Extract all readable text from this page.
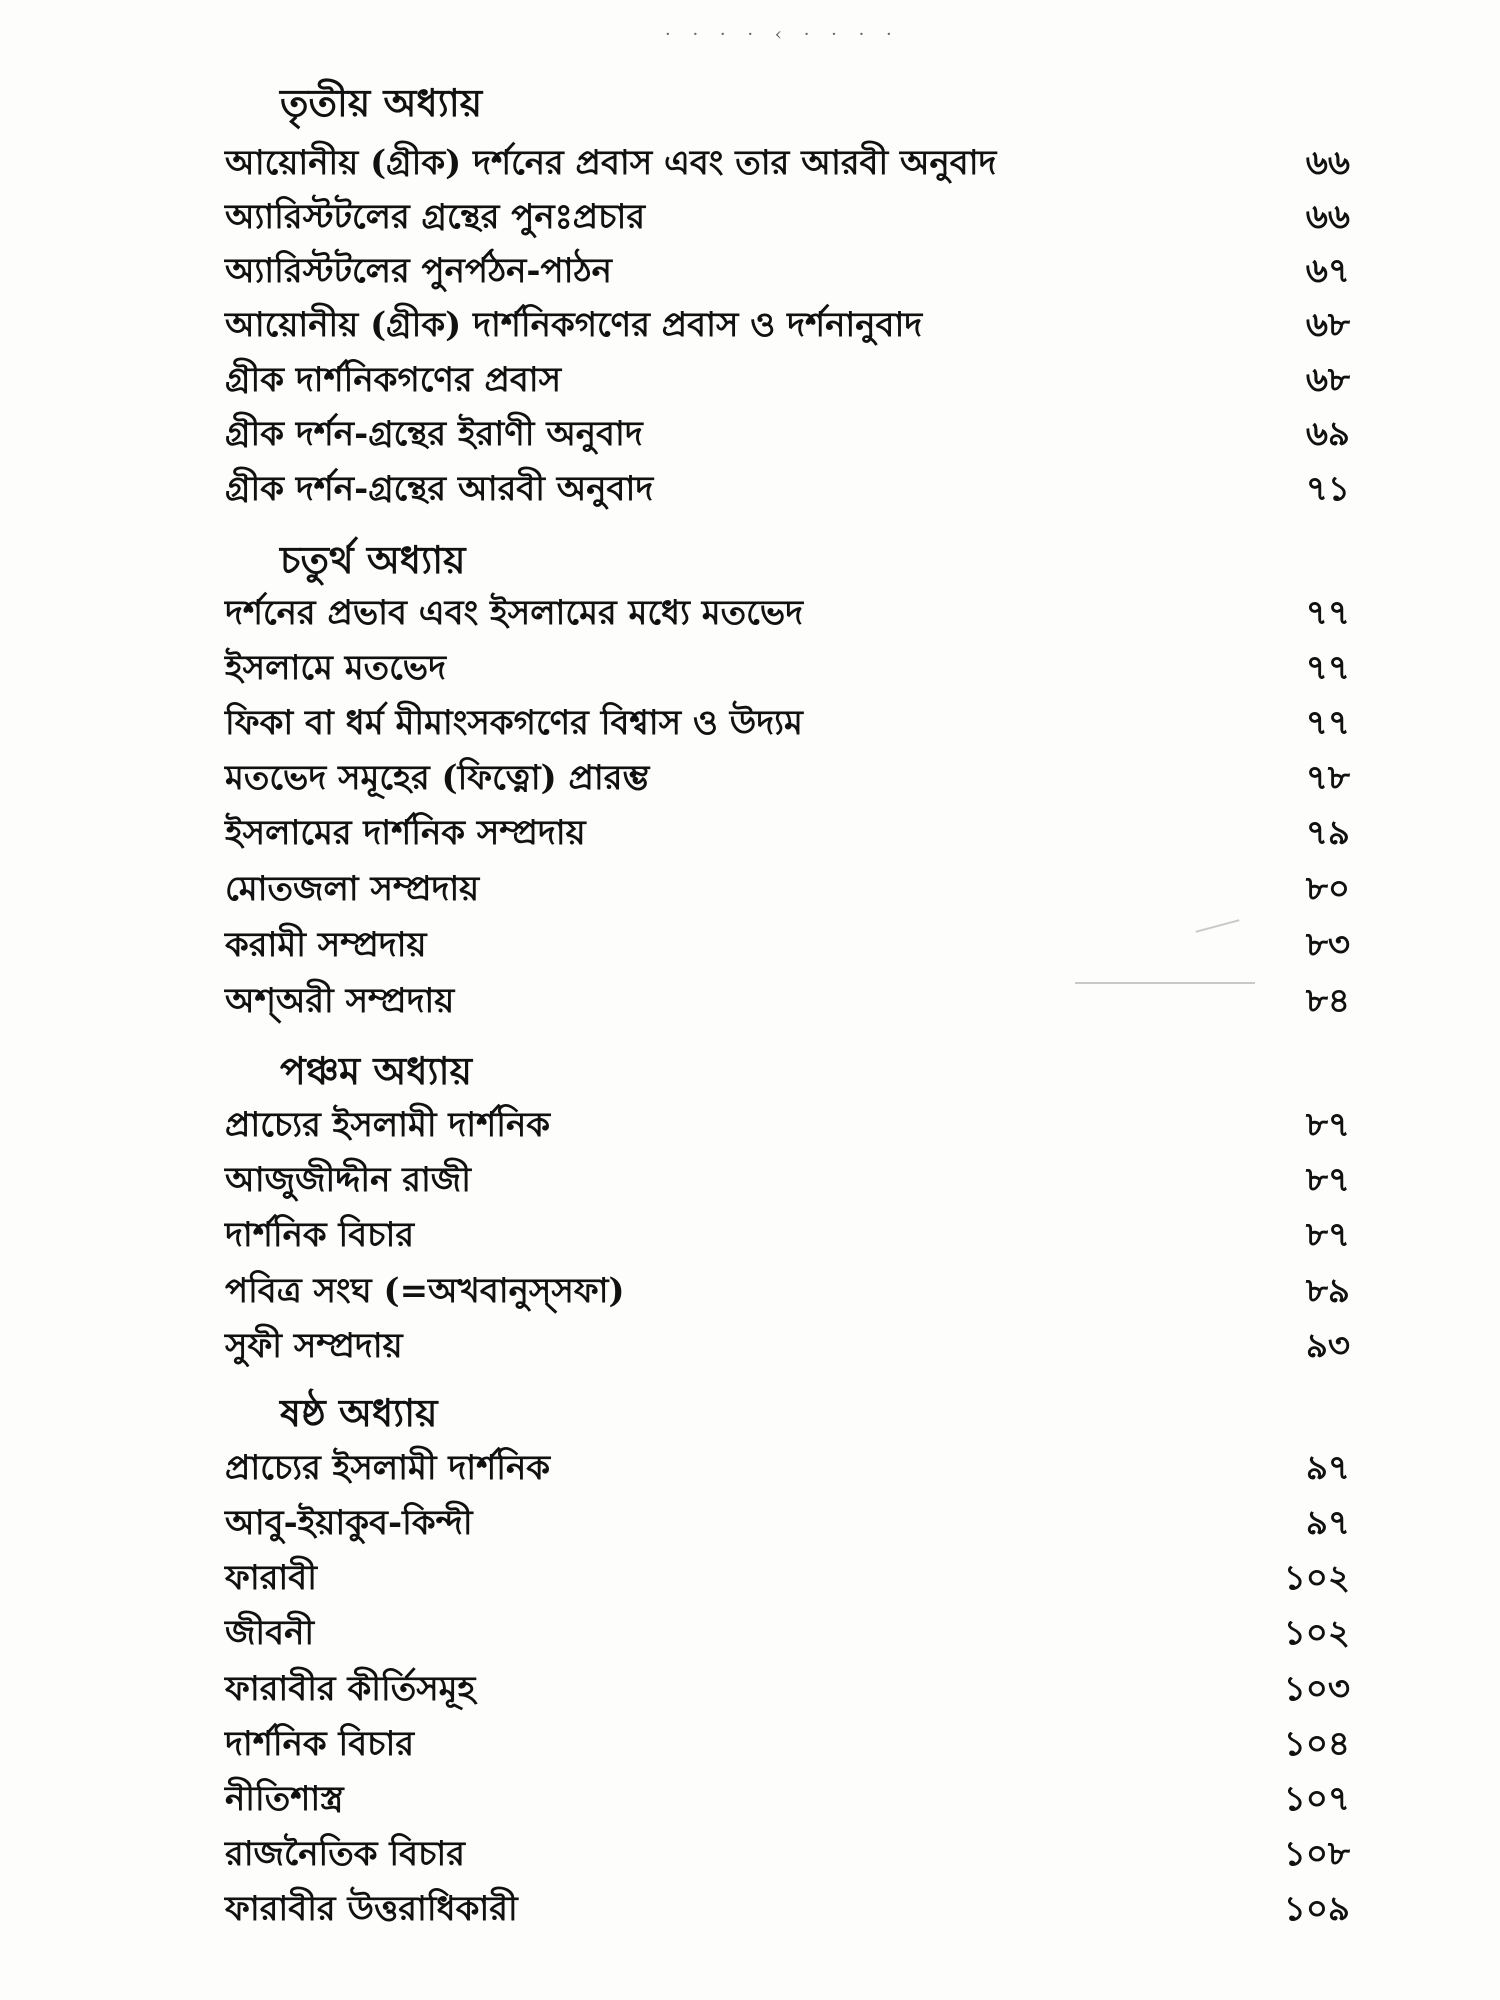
· · · · ‹ · · · ·
তৃতীয় অধ্যায়
আয়োনীয় (গ্রীক) দর্শনের প্রবাস এবং তার আরবী অনুবাদ	৬৬
অ্যারিস্টটলের গ্রন্থের পুনঃপ্রচার	৬৬
অ্যারিস্টটলের পুনর্পঠন-পাঠন	৬৭
আয়োনীয় (গ্রীক) দার্শনিকগণের প্রবাস ও দর্শনানুবাদ	৬৮
গ্রীক দার্শনিকগণের প্রবাস	৬৮
গ্রীক দর্শন-গ্রন্থের ইরাণী অনুবাদ	৬৯
গ্রীক দর্শন-গ্রন্থের আরবী অনুবাদ	৭১
চতুর্থ অধ্যায়
দর্শনের প্রভাব এবং ইসলামের মধ্যে মতভেদ	৭৭
ইসলামে মতভেদ	৭৭
ফিকা বা ধর্ম মীমাংসকগণের বিশ্বাস ও উদ্যম	৭৭
মতভেদ সমূহের (ফিত্নো) প্রারম্ভ	৭৮
ইসলামের দার্শনিক সম্প্রদায়	৭৯
মোতজলা সম্প্রদায়	৮০
করামী সম্প্রদায়	৮৩
অশ্অরী সম্প্রদায়	৮৪
পঞ্চম অধ্যায়
প্রাচ্যের ইসলামী দার্শনিক	৮৭
আজুজীদ্দীন রাজী	৮৭
দার্শনিক বিচার	৮৭
পবিত্র সংঘ (=অখবানুস্সফা)	৮৯
সুফী সম্প্রদায়	৯৩
ষষ্ঠ অধ্যায়
প্রাচ্যের ইসলামী দার্শনিক	৯৭
আবু-ইয়াকুব-কিন্দী	৯৭
ফারাবী	১০২
জীবনী	১০২
ফারাবীর কীর্তিসমূহ	১০৩
দার্শনিক বিচার	১০৪
নীতিশাস্ত্র	১০৭
রাজনৈতিক বিচার	১০৮
ফারাবীর উত্তরাধিকারী	১০৯
